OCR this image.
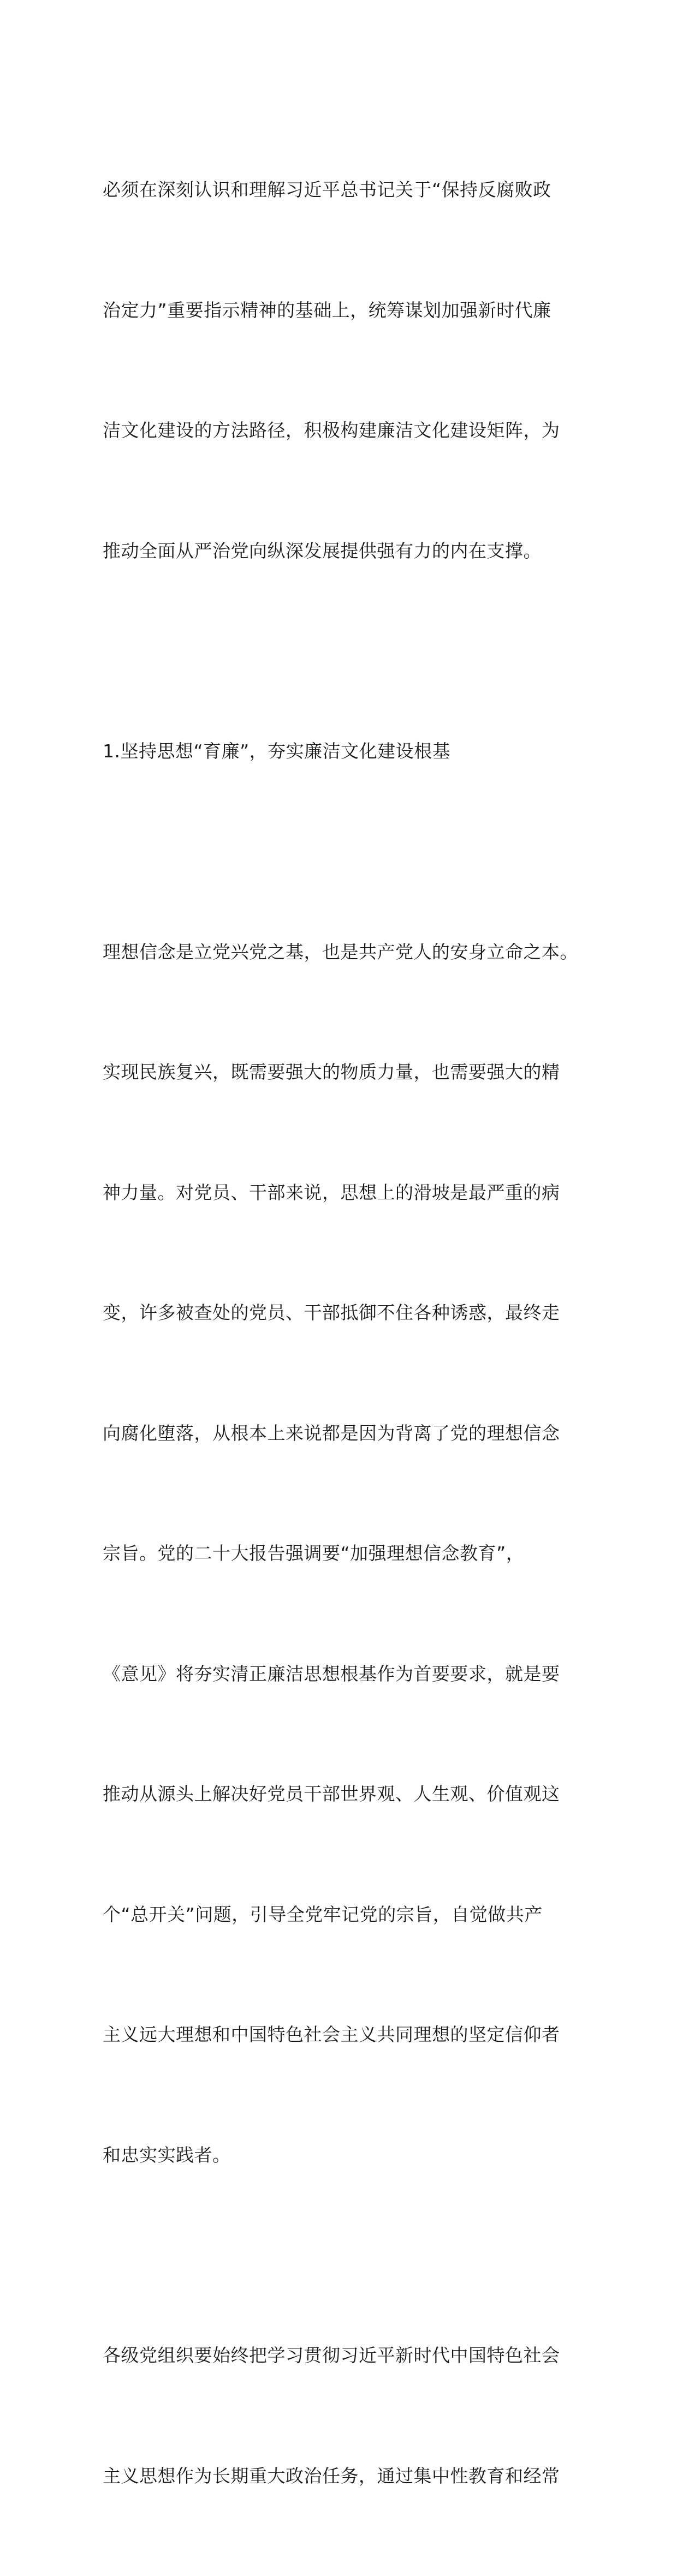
必须在深刻认识和理解习近平总书记关于“保持反腐败政

治定力”重要指示精神的基础上，统筹谋划加强新时代廉

洁文化建设的方法路径，积极构建廉洁文化建设矩阵，为

推动全面从严治党向纵深发展提供强有力的内在支撑。

1.坚持思想“育廉”，夯实廉洁文化建设根基

理想信念是立党兴党之基，也是共产党人的安身立命之本。

实现民族复兴，既需要强大的物质力量，也需要强大的精

神力量。对党员、干部来说，思想上的滑坡是最严重的病

变，许多被查处的党员、干部抵御不住各种诱惑，最终走

向腐化堕落，从根本上来说都是因为背离了党的理想信念

宗旨。党的二十大报告强调要“加强理想信念教育”，

《意见》将夯实清正廉洁思想根基作为首要要求，就是要

推动从源头上解决好党员干部世界观、人生观、价值观这

个“总开关”问题，引导全党牢记党的宗旨，自觉做共产

主义远大理想和中国特色社会主义共同理想的坚定信仰者

和忠实实践者。

各级党组织要始终把学习贯彻习近平新时代中国特色社会

主义思想作为长期重大政治任务，通过集中性教育和经常
